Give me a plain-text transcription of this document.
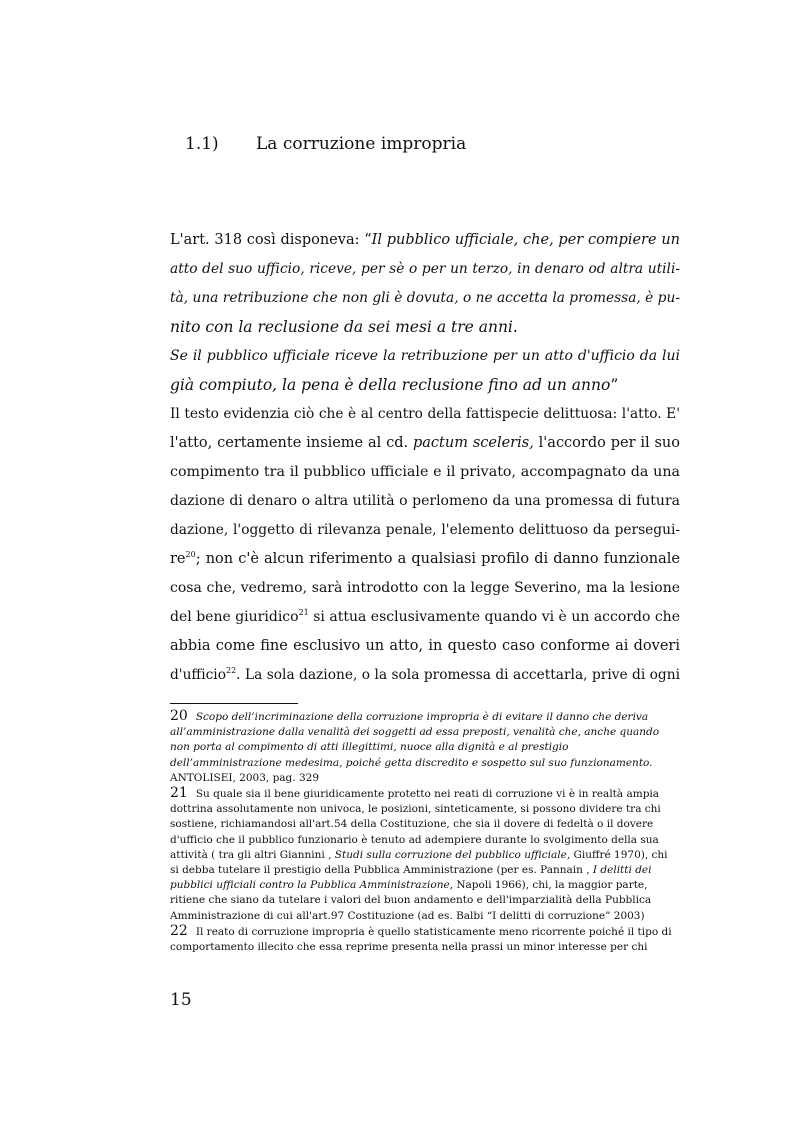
1.1)	La corruzione impropria
L'art. 318 così disponeva: “Il pubblico ufficiale, che, per compiere un
atto del suo ufficio, riceve, per sè o per un terzo, in denaro od altra utili-
tà, una retribuzione che non gli è dovuta, o ne accetta la promessa, è pu-
nito con la reclusione da sei mesi a tre anni.
Se il pubblico ufficiale riceve la retribuzione per un atto d'ufficio da lui
già compiuto, la pena è della reclusione fino ad un anno”
Il testo evidenzia ciò che è al centro della fattispecie delittuosa: l'atto. E'
l'atto, certamente insieme al cd. pactum sceleris, l'accordo per il suo
compimento tra il pubblico ufficiale e il privato, accompagnato da una
dazione di denaro o altra utilità o perlomeno da una promessa di futura
dazione, l'oggetto di rilevanza penale, l'elemento delittuoso da persegui-
$re^{20}$; non c'è alcun riferimento a qualsiasi profilo di danno funzionale
cosa che, vedremo, sarà introdotto con la legge Severino, ma la lesione
del bene giuridico$^{21}$ si attua esclusivamente quando vi è un accordo che
abbia come fine esclusivo un atto, in questo caso conforme ai doveri
d'ufficio$^{22}$. La sola dazione, o la sola promessa di accettarla, prive di ogni
20 Scopo dell’incriminazione della corruzione impropria è di evitare il danno che deriva
all’amministrazione dalla venalità dei soggetti ad essa preposti, venalità che, anche quando
non porta al compimento di atti illegittimi, nuoce alla dignità e al prestigio
dell’amministrazione medesima, poiché getta discredito e sospetto sul suo funzionamento.
ANTOLISEI, 2003, pag. 329
21 Su quale sia il bene giuridicamente protetto nei reati di corruzione vi è in realtà ampia
dottrina assolutamente non univoca, le posizioni, sinteticamente, si possono dividere tra chi
sostiene, richiamandosi all'art.54 della Costituzione, che sia il dovere di fedeltà o il dovere
d'ufficio che il pubblico funzionario è tenuto ad adempiere durante lo svolgimento della sua
attività ( tra gli altri Giannini , Studi sulla corruzione del pubblico ufficiale, Giuffré 1970), chi
si debba tutelare il prestigio della Pubblica Amministrazione (per es. Pannain , I delitti dei
pubblici ufficiali contro la Pubblica Amministrazione, Napoli 1966), chi, la maggior parte,
ritiene che siano da tutelare i valori del buon andamento e dell'imparzialità della Pubblica
Amministrazione di cui all'art.97 Costituzione (ad es. Balbi “I delitti di corruzione” 2003)
22 Il reato di corruzione impropria è quello statisticamente meno ricorrente poiché il tipo di
comportamento illecito che essa reprime presenta nella prassi un minor interesse per chi
15
